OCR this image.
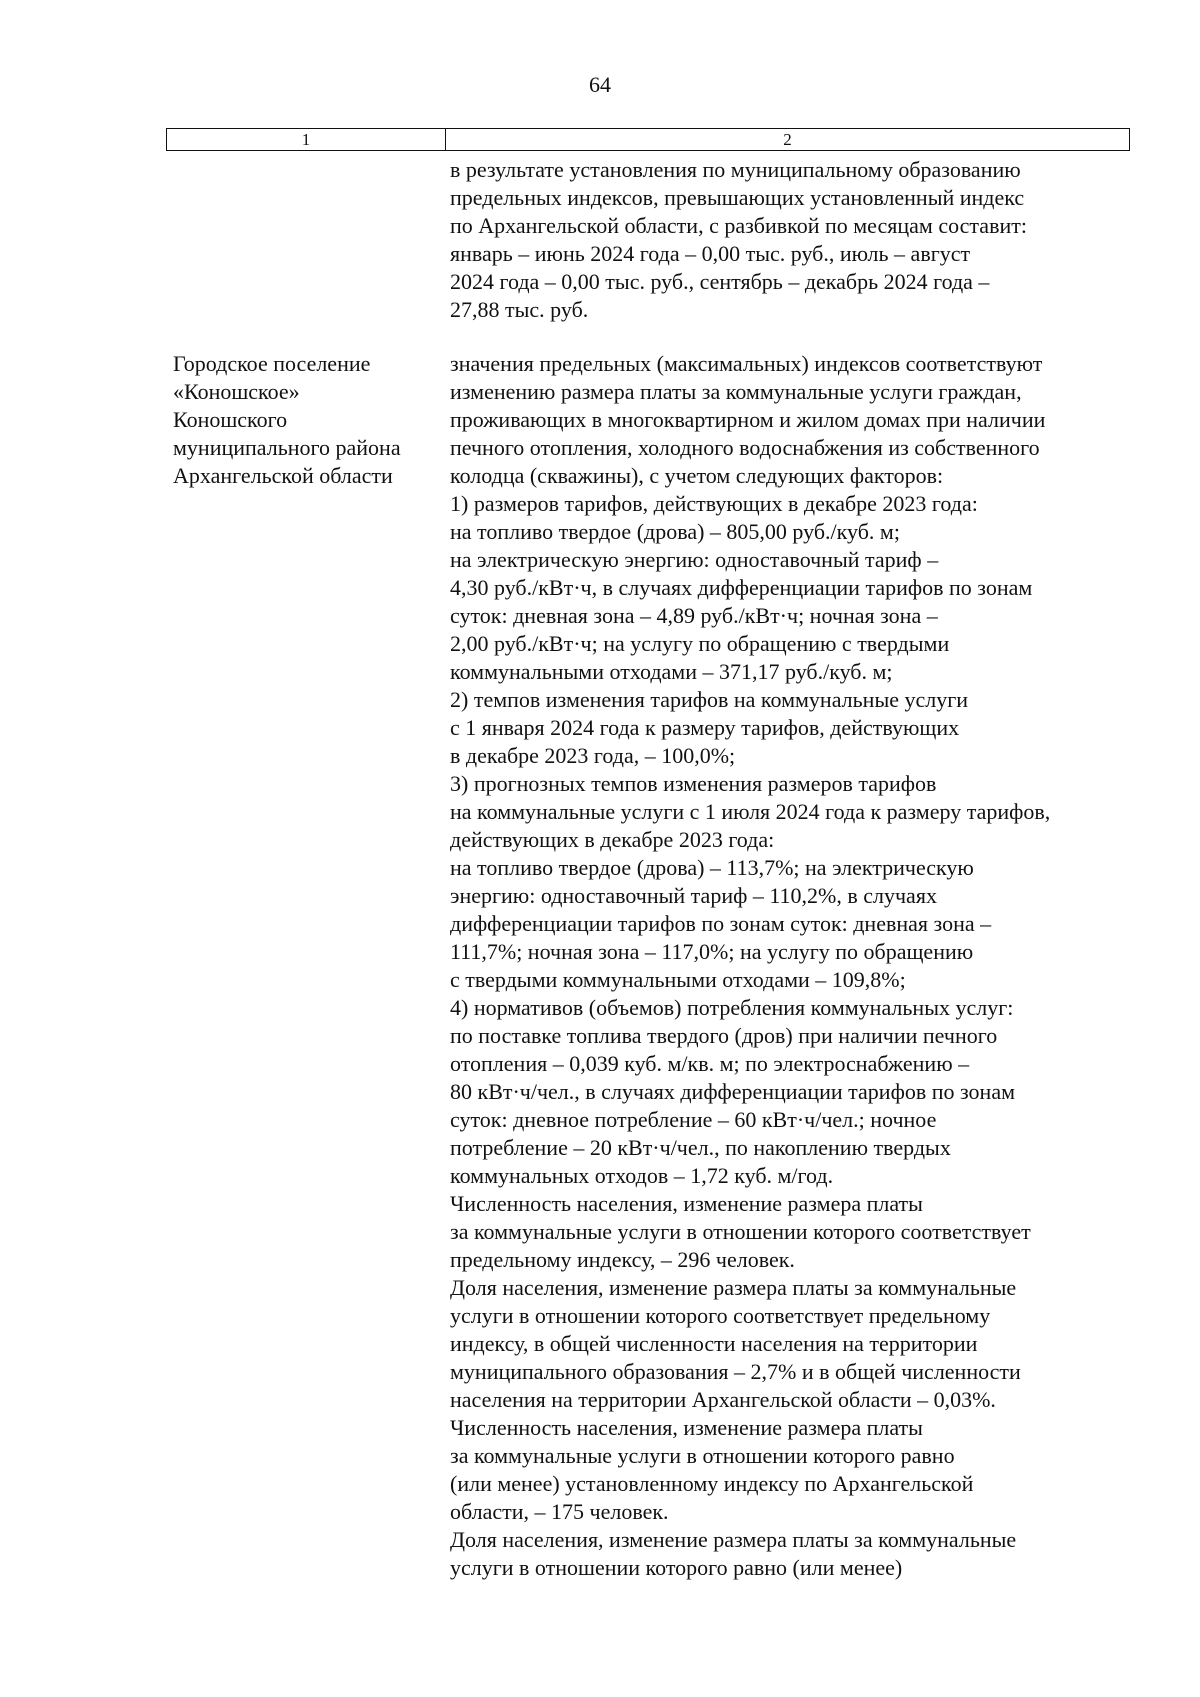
64
1	2
в результате установления по муниципальному образованию
предельных индексов, превышающих установленный индекс
по Архангельской области, с разбивкой по месяцам составит:
январь – июнь 2024 года – 0,00 тыс. руб., июль – август
2024 года – 0,00 тыс. руб., сентябрь – декабрь 2024 года –
27,88 тыс. руб.
Городское поселение
«Коношское»
Коношского
муниципального района
Архангельской области
значения предельных (максимальных) индексов соответствуют
изменению размера платы за коммунальные услуги граждан,
проживающих в многоквартирном и жилом домах при наличии
печного отопления, холодного водоснабжения из собственного
колодца (скважины), с учетом следующих факторов:
1) размеров тарифов, действующих в декабре 2023 года:
на топливо твердое (дрова) – 805,00 руб./куб. м;
на электрическую энергию: одноставочный тариф –
4,30 руб./кВт·ч, в случаях дифференциации тарифов по зонам
суток: дневная зона – 4,89 руб./кВт·ч; ночная зона –
2,00 руб./кВт·ч; на услугу по обращению с твердыми
коммунальными отходами – 371,17 руб./куб. м;
2) темпов изменения тарифов на коммунальные услуги
с 1 января 2024 года к размеру тарифов, действующих
в декабре 2023 года, – 100,0%;
3) прогнозных темпов изменения размеров тарифов
на коммунальные услуги с 1 июля 2024 года к размеру тарифов,
действующих в декабре 2023 года:
на топливо твердое (дрова) – 113,7%; на электрическую
энергию: одноставочный тариф – 110,2%, в случаях
дифференциации тарифов по зонам суток: дневная зона –
111,7%; ночная зона – 117,0%; на услугу по обращению
с твердыми коммунальными отходами – 109,8%;
4) нормативов (объемов) потребления коммунальных услуг:
по поставке топлива твердого (дров) при наличии печного
отопления – 0,039 куб. м/кв. м; по электроснабжению –
80 кВт·ч/чел., в случаях дифференциации тарифов по зонам
суток: дневное потребление – 60 кВт·ч/чел.; ночное
потребление – 20 кВт·ч/чел., по накоплению твердых
коммунальных отходов – 1,72 куб. м/год.
Численность населения, изменение размера платы
за коммунальные услуги в отношении которого соответствует
предельному индексу, – 296 человек.
Доля населения, изменение размера платы за коммунальные
услуги в отношении которого соответствует предельному
индексу, в общей численности населения на территории
муниципального образования – 2,7% и в общей численности
населения на территории Архангельской области – 0,03%.
Численность населения, изменение размера платы
за коммунальные услуги в отношении которого равно
(или менее) установленному индексу по Архангельской
области, – 175 человек.
Доля населения, изменение размера платы за коммунальные
услуги в отношении которого равно (или менее)
